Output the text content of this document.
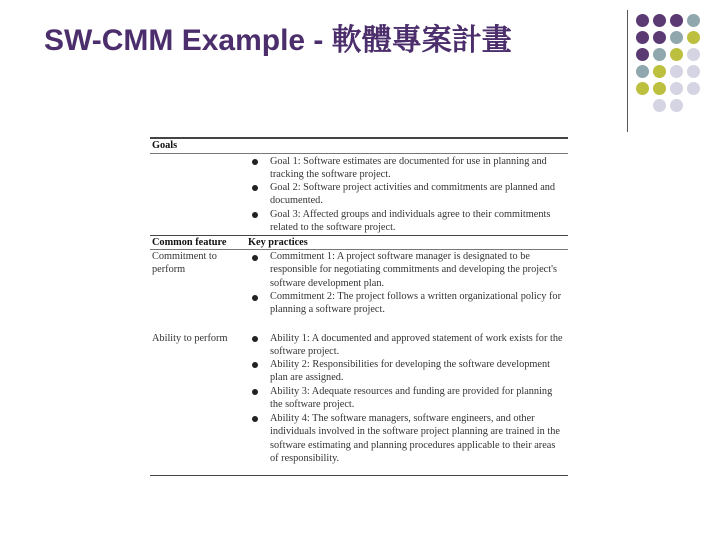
SW-CMM Example - 軟體專案計畫
Goals
Goal 1: Software estimates are documented for use in planning and tracking the software project.
Goal 2: Software project activities and commitments are planned and documented.
Goal 3: Affected groups and individuals agree to their commitments related to the software project.
Common feature Key practices
Commitment to perform
Commitment 1: A project software manager is designated to be responsible for negotiating commitments and developing the project's software development plan.
Commitment 2: The project follows a written organizational policy for planning a software project.
Ability to perform	Ability 1: A documented and approved statement of work exists for the software project.
Ability 2: Responsibilities for developing the software development plan are assigned.
Ability 3: Adequate resources and funding are provided for planning the software project.
Ability 4: The software managers, software engineers, and other individuals involved in the software project planning are trained in the software estimating and planning procedures applicable to their areas of responsibility.
